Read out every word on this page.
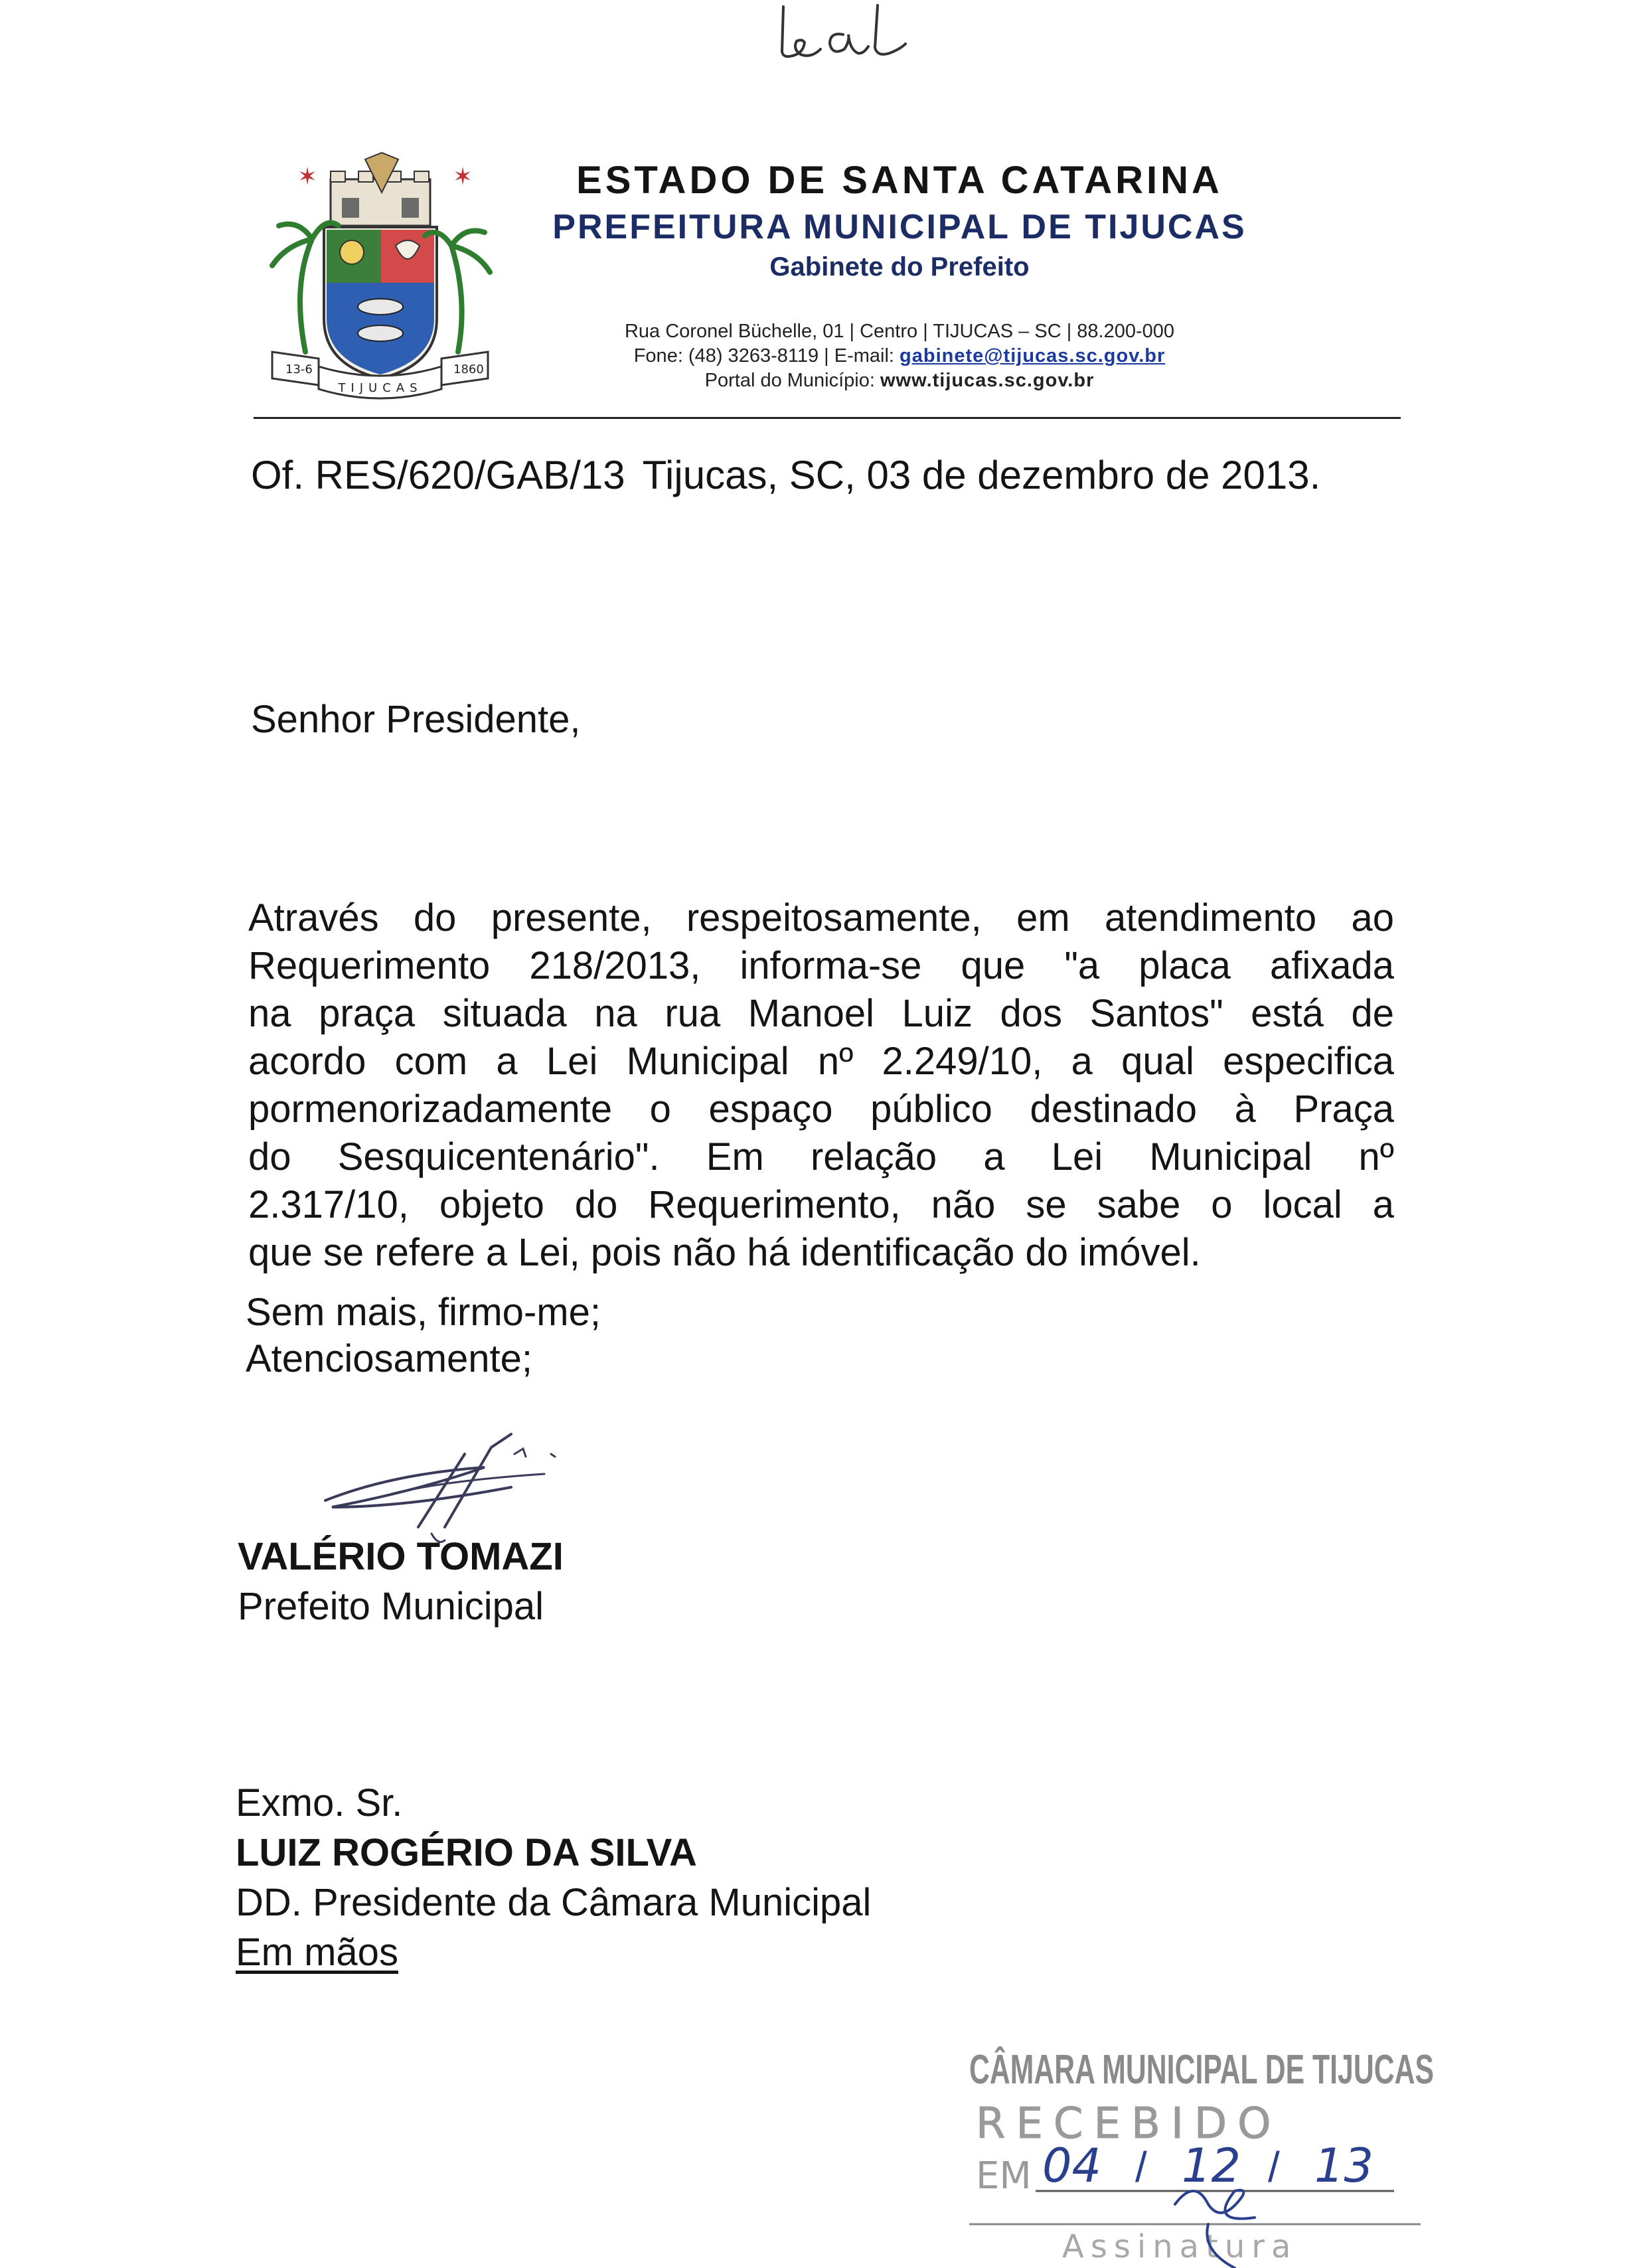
Leal
✶	✶
13-6	1860
TIJUCAS
ESTADO DE SANTA CATARINA
PREFEITURA MUNICIPAL DE TIJUCAS
Gabinete do Prefeito
Rua Coronel Büchelle, 01 | Centro | TIJUCAS – SC | 88.200-000
Fone: (48) 3263-8119 | E-mail: gabinete@tijucas.sc.gov.br
Portal do Município: www.tijucas.sc.gov.br
Of. RES/620/GAB/13 Tijucas, SC, 03 de dezembro de 2013.
Senhor Presidente,
Através do presente, respeitosamente, em atendimento ao
Requerimento 218/2013, informa-se que "a placa afixada
na praça situada na rua Manoel Luiz dos Santos" está de
acordo com a Lei Municipal nº 2.249/10, a qual especifica
pormenorizadamente o espaço público destinado à Praça
do Sesquicentenário". Em relação a Lei Municipal nº
2.317/10, objeto do Requerimento, não se sabe o local a
que se refere a Lei, pois não há identificação do imóvel.
Sem mais, firmo-me;
Atenciosamente;
VALÉRIO TOMAZI
Prefeito Municipal
Exmo. Sr.
LUIZ ROGÉRIO DA SILVA
DD. Presidente da Câmara Municipal
Em mãos
CÂMARA MUNICIPAL DE TIJUCAS
RECEBIDO
EM 04 / 12 / 13
Assinatura
